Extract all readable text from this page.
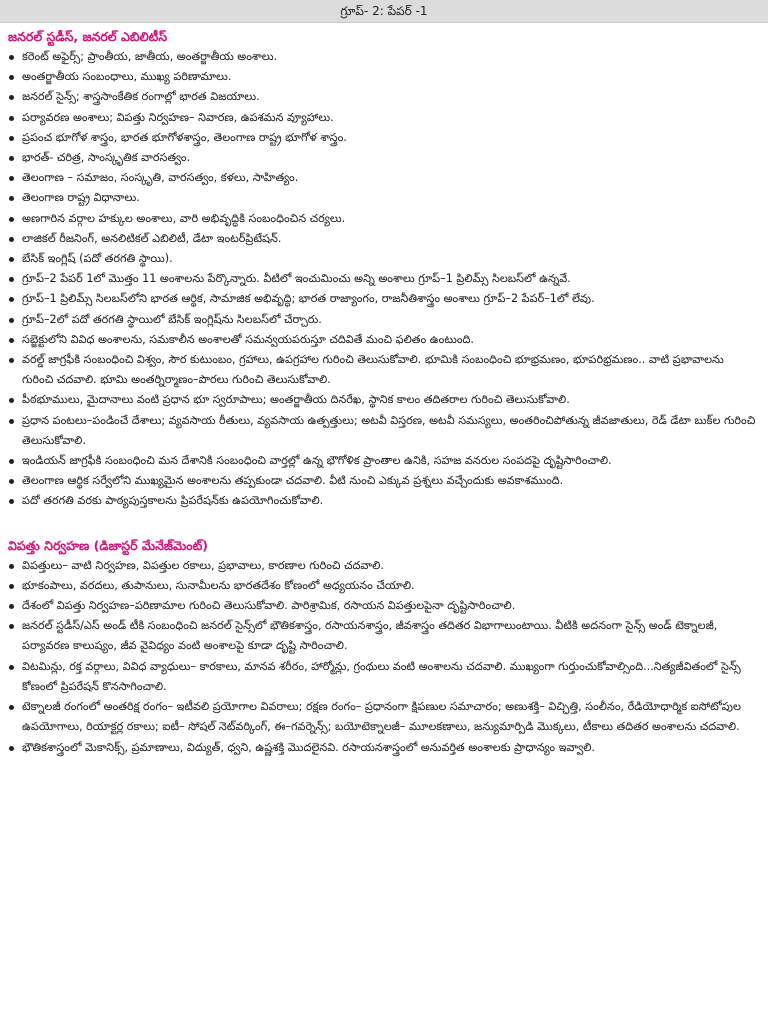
గ్రూప్- 2: పేపర్ -1
జనరల్ స్టడీస్, జనరల్ ఎబిలిటీస్
కరెంట్ అఫైర్స్; ప్రాంతీయ, జాతీయ, అంతర్జాతీయ అంశాలు.
అంతర్జాతీయ సంబంధాలు, ముఖ్య పరిణామాలు.
జనరల్ సైన్స్; శాస్త్రసాంకేతిక రంగాల్లో భారత విజయాలు.
పర్యావరణ అంశాలు; విపత్తు నిర్వహణ– నివారణ, ఉపశమన వ్యూహాలు.
ప్రపంచ భూగోళ శాస్త్రం, భారత భూగోళశాస్త్రం, తెలంగాణ రాష్ట్ర భూగోళ శాస్త్రం.
భారత్‌- చరిత్ర, సాంస్కృతిక వారసత్వం.
తెలంగాణ – సమాజం, సంస్కృతి, వారసత్వం, కళలు, సాహిత్యం.
తెలంగాణ రాష్ట్ర విధానాలు.
అణగారిన వర్గాల హక్కుల అంశాలు, వారి అభివృద్ధికి సంబంధించిన చర్యలు.
లాజికల్‌ రీజనింగ్‌, అనలిటికల్‌ ఎబిలిటీ, డేటా ఇంటర్‌ప్రిటేషన్‌.
బేసిక్‌ ఇంగ్లిష్‌ (పదో తరగతి స్థాయి).
గ్రూప్‌–2 పేపర్‌ 1లో మొత్తం 11 అంశాలను పేర్కొన్నారు. వీటిలో ఇంచుమించు అన్ని అంశాలు గ్రూప్‌–1 ప్రిలిమ్స్‌ సిలబస్‌లో ఉన్నవే.
గ్రూప్‌–1 ప్రిలిమ్స్‌ సిలబస్‌లోని భారత ఆర్థిక, సామాజిక అభివృద్ధి; భారత రాజ్యాంగం, రాజనీతిశాస్త్రం అంశాలు గ్రూప్‌–2 పేపర్‌–1లో లేవు.
గ్రూప్‌–2లో పదో తరగతి స్థాయిలో బేసిక్‌ ఇంగ్లిష్‌ను సిలబస్‌లో చేర్చారు.
సబ్జెక్టులోని వివిధ అంశాలను, సమకాలీన అంశాలతో సమన్వయపరుస్తూ చదివితే మంచి ఫలితం ఉంటుంది.
వరల్డ్‌ జాగ్రఫీకి సంబంధించి విశ్వం, సౌర కుటుంబం, గ్రహాలు, ఉపగ్రహాల గురించి తెలుసుకోవాలి. భూమికి సంబంధించి భూభ్రమణం, భూపరిభ్రమణం.. వాటి ప్రభావాలను గురించి చదవాలి. భూమి అంతర్నిర్మాణం–పొరలు గురించి తెలుసుకోవాలి.
పీఠభూములు, మైదానాలు వంటి ప్రధాన భూ స్వరూపాలు; అంతర్జాతీయ దినరేఖ, స్థానిక కాలం తదితరాల గురించి తెలుసుకోవాలి.
ప్రధాన పంటలు–పండించే దేశాలు; వ్యవసాయ రీతులు, వ్యవసాయ ఉత్పత్తులు; అటవీ విస్తరణ, అటవీ సమస్యలు, అంతరించిపోతున్న జీవజాతులు, రెడ్‌ డేటా బుక్‌ల గురించి తెలుసుకోవాలి.
ఇండియన్‌ జాగ్రఫీకి సంబంధించి మన దేశానికి సంబంధించి వార్తల్లో ఉన్న భౌగోళిక ప్రాంతాల ఉనికి, సహజ వనరుల సంపదపై దృష్టిసారించాలి.
తెలంగాణ ఆర్థిక సర్వేలోని ముఖ్యమైన అంశాలను తప్పకుండా చదవాలి. వీటి నుంచి ఎక్కువ ప్రశ్నలు వచ్చేందుకు అవకాశముంది.
పదో తరగతి వరకు పాఠ్యపుస్తకాలను ప్రిపరేషన్‌కు ఉపయోగించుకోవాలి.
విపత్తు నిర్వహణ (డిజాస్టర్‌ మేనేజ్‌మెంట్‌)
విపత్తులు– వాటి నిర్వహణ, విపత్తుల రకాలు, ప్రభావాలు, కారణాల గురించి చదవాలి.
భూకంపాలు, వరదలు, తుపానులు, సునామీలను భారతదేశం కోణంలో అధ్యయనం చేయాలి.
దేశంలో విపత్తు నిర్వహణ–పరిణామాల గురించి తెలుసుకోవాలి. పారిశ్రామిక, రసాయన విపత్తులపైనా దృష్టిసారించాలి.
జనరల్‌ స్టడీస్‌/ఎస్‌ అండ్‌ టీకి సంబంధించి జనరల్‌ సైన్స్‌లో భౌతికశాస్త్రం, రసాయనశాస్త్రం, జీవశాస్త్రం తదితర విభాగాలుంటాయి. వీటికి అదనంగా సైన్స్‌ అండ్‌ టెక్నాలజీ, పర్యావరణ కాలుష్యం, జీవ వైవిధ్యం వంటి అంశాలపై కూడా దృష్టి సారించాలి.
విటమిన్లు, రక్త వర్గాలు, వివిధ వ్యాధులు– కారకాలు, మానవ శరీరం, హార్మోన్లు, గ్రంథులు వంటి అంశాలను చదవాలి. ముఖ్యంగా గుర్తుంచుకోవాల్సింది...నిత్యజీవితంలో సైన్స్‌ కోణంలో ప్రిపరేషన్‌ కొనసాగించాలి.
టెక్నాలజీ రంగంలో అంతరిక్ష రంగం– ఇటీవలి ప్రయోగాల వివరాలు; రక్షణ రంగం– ప్రధానంగా క్షిపణుల సమాచారం; అణుశక్తి– విచ్ఛిత్తి, సంలీనం, రేడియోధార్మిక ఐసోటోపుల ఉపయోగాలు, రియాక్టర్ల రకాలు; ఐటీ– సోషల్‌ నెట్‌వర్కింగ్‌, ఈ–గవర్నెన్స్‌; బయోటెక్నాలజీ– మూలకణాలు, జన్యుమార్పిడి మొక్కలు, టీకాలు తదితర అంశాలను చదవాలి.
భౌతికశాస్త్రంలో మెకానిక్స్‌, ప్రమాణాలు, విద్యుత్‌, ధ్వని, ఉష్ణశక్తి మొదలైనవి. రసాయనశాస్త్రంలో అనువర్తిత అంశాలకు ప్రాధాన్యం ఇవ్వాలి.
